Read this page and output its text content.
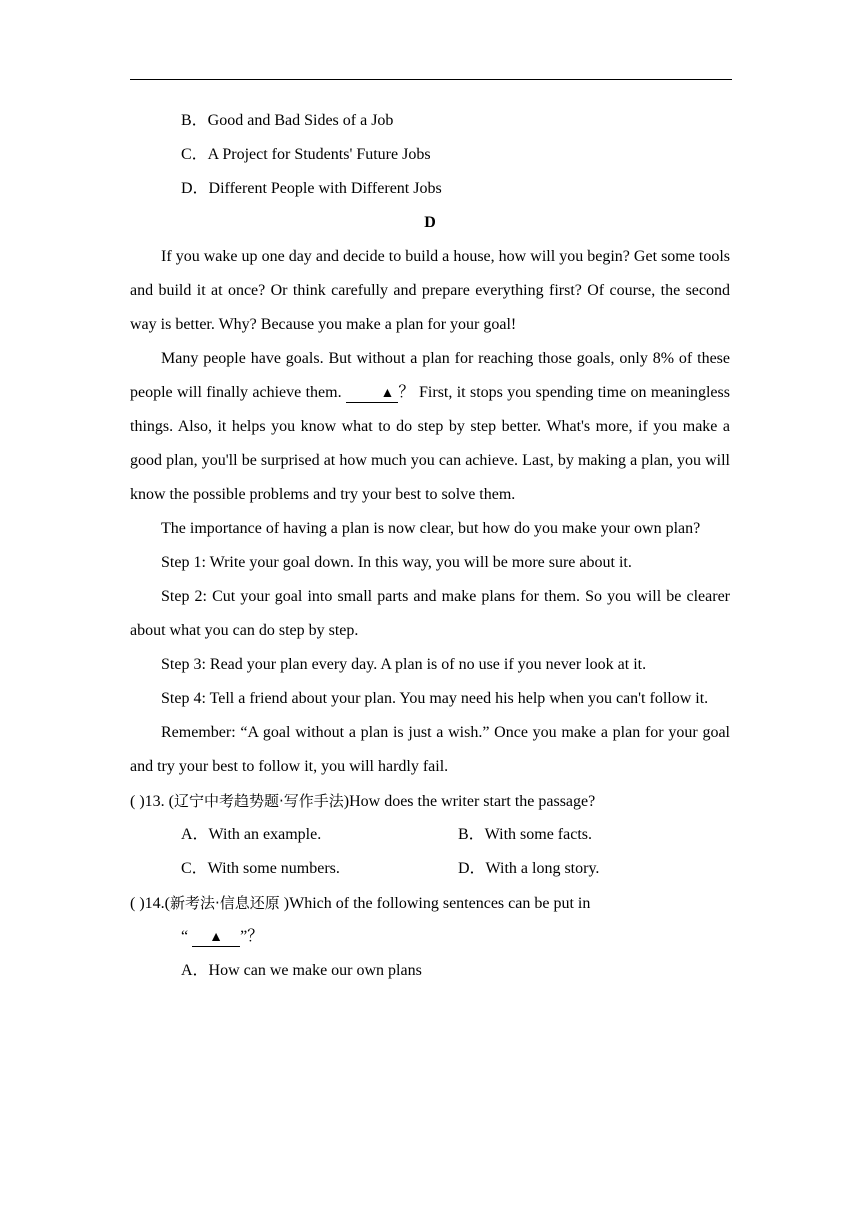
B．Good and Bad Sides of a Job
C．A Project for Students' Future Jobs
D．Different People with Different Jobs
D

If you wake up one day and decide to build a house, how will you begin? Get some tools and build it at once? Or think carefully and prepare everything first? Of course, the second way is better. Why? Because you make a plan for your goal!

Many people have goals. But without a plan for reaching those goals, only 8% of these people will finally achieve them. ▲ ？ First, it stops you spending time on meaningless things. Also, it helps you know what to do step by step better. What's more, if you make a good plan, you'll be surprised at how much you can achieve. Last, by making a plan, you will know the possible problems and try your best to solve them.

The importance of having a plan is now clear, but how do you make your own plan?

Step 1: Write your goal down. In this way, you will be more sure about it.

Step 2: Cut your goal into small parts and make plans for them. So you will be clearer about what you can do step by step.

Step 3: Read your plan every day. A plan is of no use if you never look at it.

Step 4: Tell a friend about your plan. You may need his help when you can't follow it.

Remember: “A goal without a plan is just a wish.” Once you make a plan for your goal and try your best to follow it, you will hardly fail.

( )13. (辽宁中考趋势题·写作手法)How does the writer start the passage?
A．With an example.	B．With some facts.
C．With some numbers.	D．With a long story.
( )14.(新考法·信息还原 )Which of the following sentences can be put in
“ ▲ ”？
A．How can we make our own plans
